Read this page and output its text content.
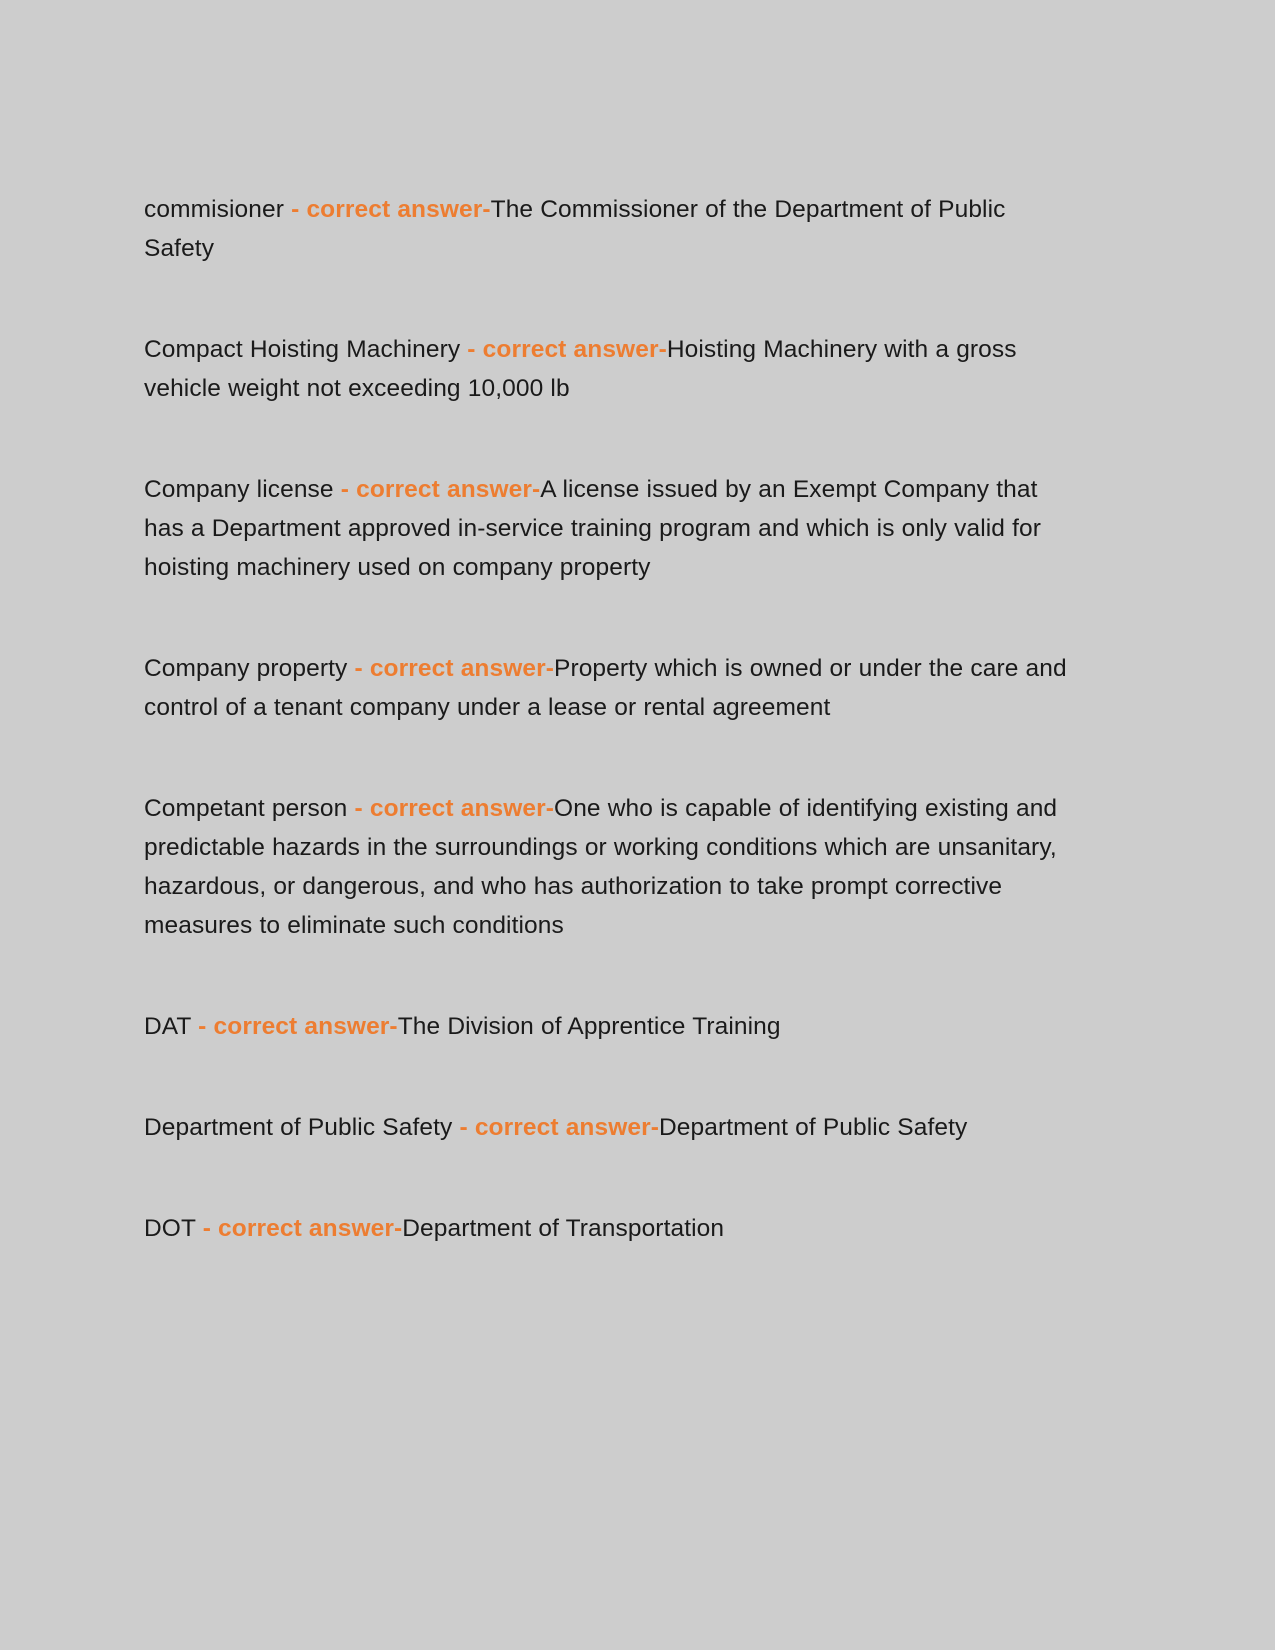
commisioner - correct answer-The Commissioner of the Department of Public Safety

Compact Hoisting Machinery - correct answer-Hoisting Machinery with a gross vehicle weight not exceeding 10,000 lb

Company license - correct answer-A license issued by an Exempt Company that has a Department approved in-service training program and which is only valid for hoisting machinery used on company property

Company property - correct answer-Property which is owned or under the care and control of a tenant company under a lease or rental agreement

Competant person - correct answer-One who is capable of identifying existing and predictable hazards in the surroundings or working conditions which are unsanitary, hazardous, or dangerous, and who has authorization to take prompt corrective measures to eliminate such conditions

DAT - correct answer-The Division of Apprentice Training

Department of Public Safety - correct answer-Department of Public Safety

DOT - correct answer-Department of Transportation
